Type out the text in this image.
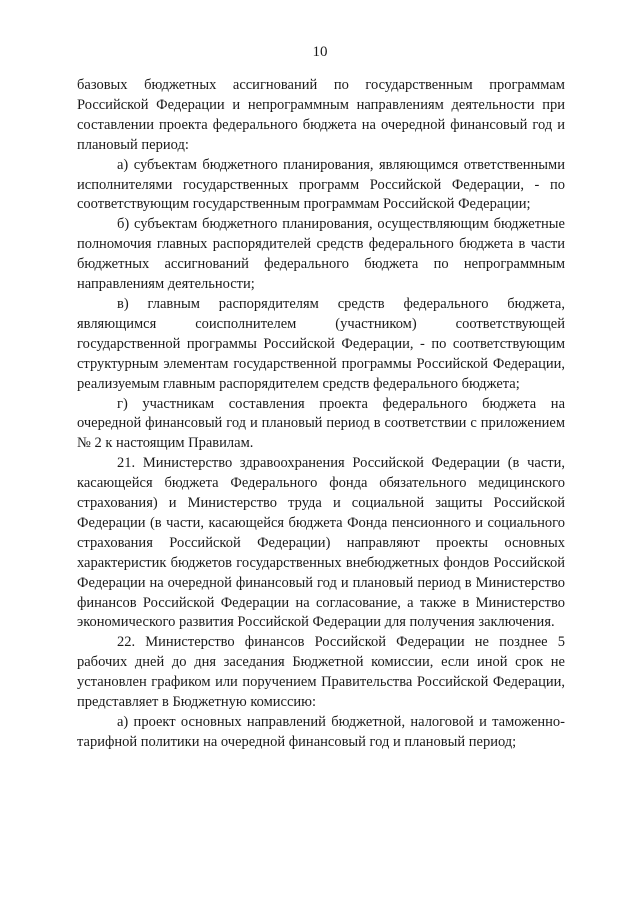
10

базовых бюджетных ассигнований по государственным программам Российской Федерации и непрограммным направлениям деятельности при составлении проекта федерального бюджета на очередной финансовый год и плановый период:

а) субъектам бюджетного планирования, являющимся ответственными исполнителями государственных программ Российской Федерации, - по соответствующим государственным программам Российской Федерации;

б) субъектам бюджетного планирования, осуществляющим бюджетные полномочия главных распорядителей средств федерального бюджета в части бюджетных ассигнований федерального бюджета по непрограммным направлениям деятельности;

в) главным распорядителям средств федерального бюджета, являющимся соисполнителем (участником) соответствующей государственной программы Российской Федерации, - по соответствующим структурным элементам государственной программы Российской Федерации, реализуемым главным распорядителем средств федерального бюджета;

г) участникам составления проекта федерального бюджета на очередной финансовый год и плановый период в соответствии с приложением № 2 к настоящим Правилам.

21. Министерство здравоохранения Российской Федерации (в части, касающейся бюджета Федерального фонда обязательного медицинского страхования) и Министерство труда и социальной защиты Российской Федерации (в части, касающейся бюджета Фонда пенсионного и социального страхования Российской Федерации) направляют проекты основных характеристик бюджетов государственных внебюджетных фондов Российской Федерации на очередной финансовый год и плановый период в Министерство финансов Российской Федерации на согласование, а также в Министерство экономического развития Российской Федерации для получения заключения.

22. Министерство финансов Российской Федерации не позднее 5 рабочих дней до дня заседания Бюджетной комиссии, если иной срок не установлен графиком или поручением Правительства Российской Федерации, представляет в Бюджетную комиссию:

а) проект основных направлений бюджетной, налоговой и таможенно-тарифной политики на очередной финансовый год и плановый период;
